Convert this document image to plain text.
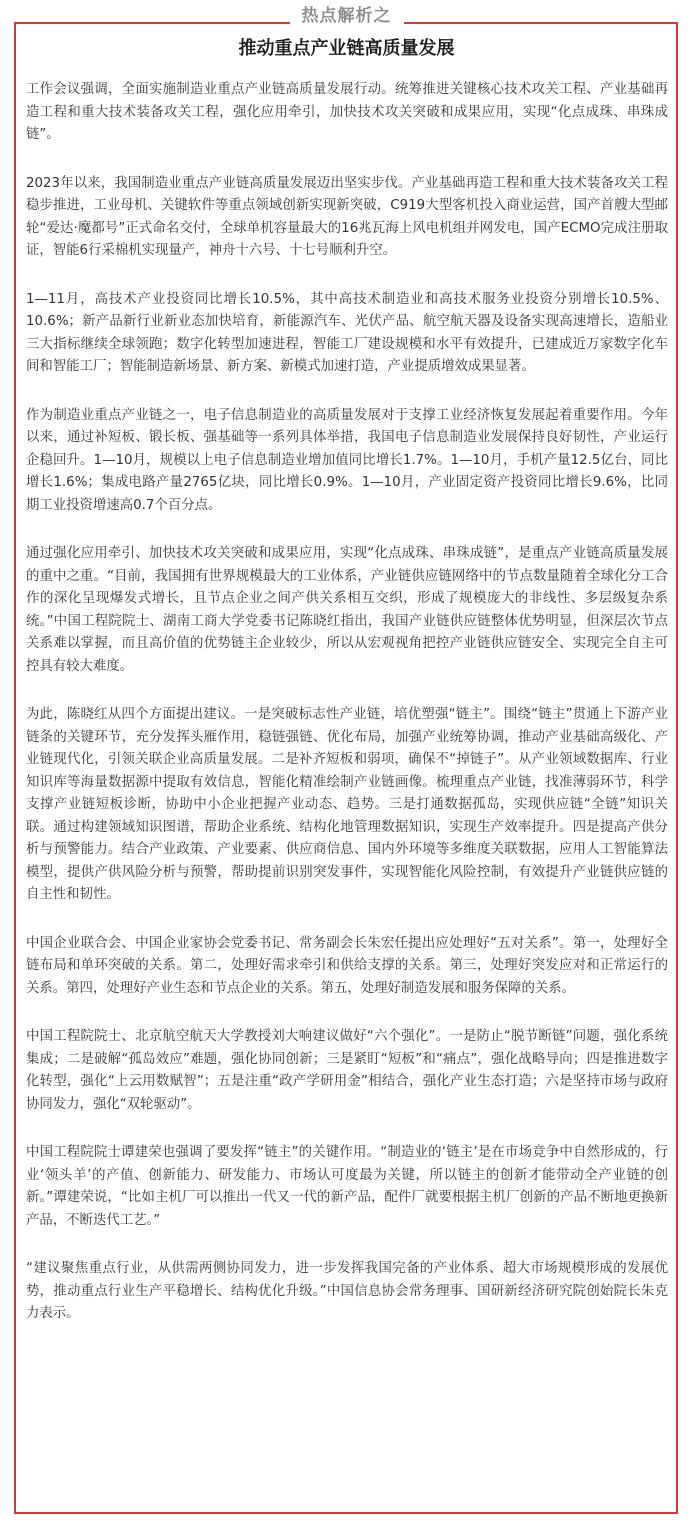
热点解析之
推动重点产业链高质量发展

工作会议强调，全面实施制造业重点产业链高质量发展行动。统筹推进关键核心技术攻关工程、产业基础再造工程和重大技术装备攻关工程，强化应用牵引，加快技术攻关突破和成果应用，实现“化点成珠、串珠成链”。

2023年以来，我国制造业重点产业链高质量发展迈出坚实步伐。产业基础再造工程和重大技术装备攻关工程稳步推进，工业母机、关键软件等重点领域创新实现新突破，C919大型客机投入商业运营，国产首艘大型邮轮“爱达·魔都号”正式命名交付，全球单机容量最大的16兆瓦海上风电机组并网发电，国产ECMO完成注册取证，智能6行采棉机实现量产，神舟十六号、十七号顺利升空。

1—11月，高技术产业投资同比增长10.5%，其中高技术制造业和高技术服务业投资分别增长10.5%、10.6%；新产品新行业新业态加快培育，新能源汽车、光伏产品、航空航天器及设备实现高速增长，造船业三大指标继续全球领跑；数字化转型加速进程，智能工厂建设规模和水平有效提升，已建成近万家数字化车间和智能工厂；智能制造新场景、新方案、新模式加速打造，产业提质增效成果显著。

作为制造业重点产业链之一，电子信息制造业的高质量发展对于支撑工业经济恢复发展起着重要作用。今年以来，通过补短板、锻长板、强基础等一系列具体举措，我国电子信息制造业发展保持良好韧性，产业运行企稳回升。1—10月，规模以上电子信息制造业增加值同比增长1.7%。1—10月，手机产量12.5亿台，同比增长1.6%；集成电路产量2765亿块，同比增长0.9%。1—10月，产业固定资产投资同比增长9.6%，比同期工业投资增速高0.7个百分点。

通过强化应用牵引、加快技术攻关突破和成果应用，实现“化点成珠、串珠成链”，是重点产业链高质量发展的重中之重。“目前，我国拥有世界规模最大的工业体系，产业链供应链网络中的节点数量随着全球化分工合作的深化呈现爆发式增长，且节点企业之间产供关系相互交织，形成了规模庞大的非线性、多层级复杂系统。”中国工程院院士、湖南工商大学党委书记陈晓红指出，我国产业链供应链整体优势明显，但深层次节点关系难以掌握，而且高价值的优势链主企业较少，所以从宏观视角把控产业链供应链安全、实现完全自主可控具有较大难度。

为此，陈晓红从四个方面提出建议。一是突破标志性产业链，培优塑强“链主”。围绕“链主”贯通上下游产业链条的关键环节，充分发挥头雁作用，稳链强链、优化布局，加强产业统筹协调，推动产业基础高级化、产业链现代化，引领关联企业高质量发展。二是补齐短板和弱项，确保不“掉链子”。从产业领域数据库、行业知识库等海量数据源中提取有效信息，智能化精准绘制产业链画像。梳理重点产业链，找准薄弱环节，科学支撑产业链短板诊断，协助中小企业把握产业动态、趋势。三是打通数据孤岛，实现供应链“全链”知识关联。通过构建领域知识图谱，帮助企业系统、结构化地管理数据知识，实现生产效率提升。四是提高产供分析与预警能力。结合产业政策、产业要素、供应商信息、国内外环境等多维度关联数据，应用人工智能算法模型，提供产供风险分析与预警，帮助提前识别突发事件，实现智能化风险控制，有效提升产业链供应链的自主性和韧性。

中国企业联合会、中国企业家协会党委书记、常务副会长朱宏任提出应处理好“五对关系”。第一，处理好全链布局和单环突破的关系。第二，处理好需求牵引和供给支撑的关系。第三，处理好突发应对和正常运行的关系。第四，处理好产业生态和节点企业的关系。第五，处理好制造发展和服务保障的关系。

中国工程院院士、北京航空航天大学教授刘大响建议做好“六个强化”。一是防止“脱节断链”问题，强化系统集成；二是破解“孤岛效应”难题，强化协同创新；三是紧盯“短板”和“痛点”，强化战略导向；四是推进数字化转型，强化“上云用数赋智”；五是注重“政产学研用金”相结合，强化产业生态打造；六是坚持市场与政府协同发力，强化“双轮驱动”。

中国工程院院士谭建荣也强调了要发挥“链主”的关键作用。“制造业的‘链主’是在市场竞争中自然形成的，行业‘领头羊’的产值、创新能力、研发能力、市场认可度最为关键，所以链主的创新才能带动全产业链的创新。”谭建荣说，“比如主机厂可以推出一代又一代的新产品，配件厂就要根据主机厂创新的产品不断地更换新产品，不断迭代工艺。”

“建议聚焦重点行业，从供需两侧协同发力，进一步发挥我国完备的产业体系、超大市场规模形成的发展优势，推动重点行业生产平稳增长、结构优化升级。”中国信息协会常务理事、国研新经济研究院创始院长朱克力表示。
